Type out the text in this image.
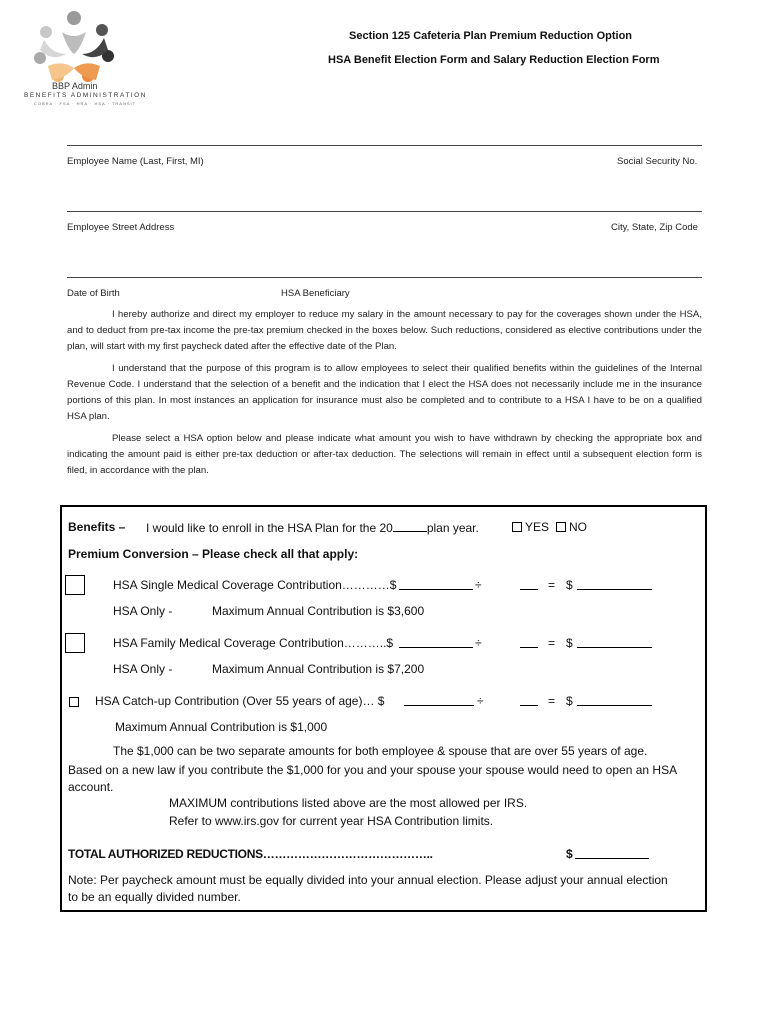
BBP Admin
BENEFITS ADMINISTRATION
COBRA · FSA · HRA · HSA · TRANSIT
Section 125 Cafeteria Plan Premium Reduction Option
HSA Benefit Election Form and Salary Reduction Election Form
Employee Name (Last, First, MI)	Social Security No.
Employee Street Address	City, State, Zip Code
Date of Birth	HSA Beneficiary

I hereby authorize and direct my employer to reduce my salary in the amount necessary to pay for the coverages shown under the HSA, and to deduct from pre-tax income the pre-tax premium checked in the boxes below. Such reductions, considered as elective contributions under the plan, will start with my first paycheck dated after the effective date of the Plan.

I understand that the purpose of this program is to allow employees to select their qualified benefits within the guidelines of the Internal Revenue Code. I understand that the selection of a benefit and the indication that I elect the HSA does not necessarily include me in the insurance portions of this plan. In most instances an application for insurance must also be completed and to contribute to a HSA I have to be on a qualified HSA plan.

Please select a HSA option below and please indicate what amount you wish to have withdrawn by checking the appropriate box and indicating the amount paid is either pre-tax deduction or after-tax deduction. The selections will remain in effect until a subsequent election form is filed, in accordance with the plan.

Benefits – I would like to enroll in the HSA Plan for the 20	plan year.	YES	NO
Premium Conversion – Please check all that apply:
HSA Single Medical Coverage Contribution…………$	÷	= $
HSA Only -	Maximum Annual Contribution is $3,600
HSA Family Medical Coverage Contribution………..$	÷	= $
HSA Only -	Maximum Annual Contribution is $7,200
HSA Catch-up Contribution (Over 55 years of age)… $	÷	= $
Maximum Annual Contribution is $1,000
The $1,000 can be two separate amounts for both employee & spouse that are over 55 years of age.
Based on a new law if you contribute the $1,000 for you and your spouse your spouse would need to open an HSA account.
MAXIMUM contributions listed above are the most allowed per IRS.
Refer to www.irs.gov for current year HSA Contribution limits.
TOTAL AUTHORIZED REDUCTIONS……………………………………..	$
Note: Per paycheck amount must be equally divided into your annual election. Please adjust your annual election to be an equally divided number.
